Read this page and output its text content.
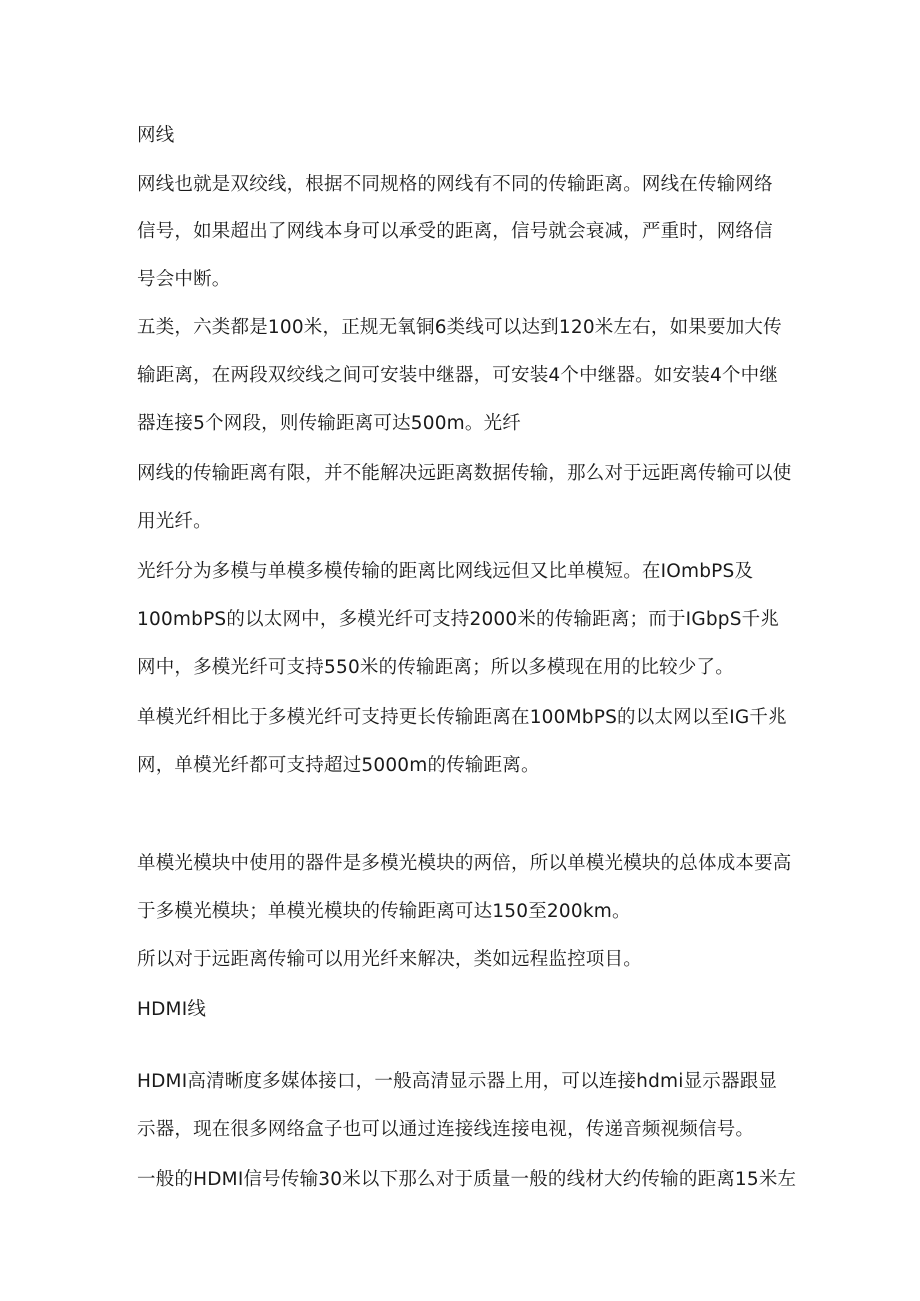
网线
网线也就是双绞线，根据不同规格的网线有不同的传输距离。网线在传输网络
信号，如果超出了网线本身可以承受的距离，信号就会衰减，严重时，网络信
号会中断。
五类，六类都是100米，正规无氧铜6类线可以达到120米左右，如果要加大传
输距离，在两段双绞线之间可安装中继器，可安装4个中继器。如安装4个中继
器连接5个网段，则传输距离可达500m。光纤
网线的传输距离有限，并不能解决远距离数据传输，那么对于远距离传输可以使
用光纤。
光纤分为多模与单模多模传输的距离比网线远但又比单模短。在IOmbPS及
100mbPS的以太网中，多模光纤可支持2000米的传输距离；而于IGbpS千兆
网中，多模光纤可支持550米的传输距离；所以多模现在用的比较少了。
单模光纤相比于多模光纤可支持更长传输距离在100MbPS的以太网以至IG千兆
网，单模光纤都可支持超过5000m的传输距离。
单模光模块中使用的器件是多模光模块的两倍，所以单模光模块的总体成本要高
于多模光模块；单模光模块的传输距离可达150至200km。
所以对于远距离传输可以用光纤来解决，类如远程监控项目。
HDMI线
HDMI高清晰度多媒体接口，一般高清显示器上用，可以连接hdmi显示器跟显
示器，现在很多网络盒子也可以通过连接线连接电视，传递音频视频信号。
一般的HDMI信号传输30米以下那么对于质量一般的线材大约传输的距离15米左
